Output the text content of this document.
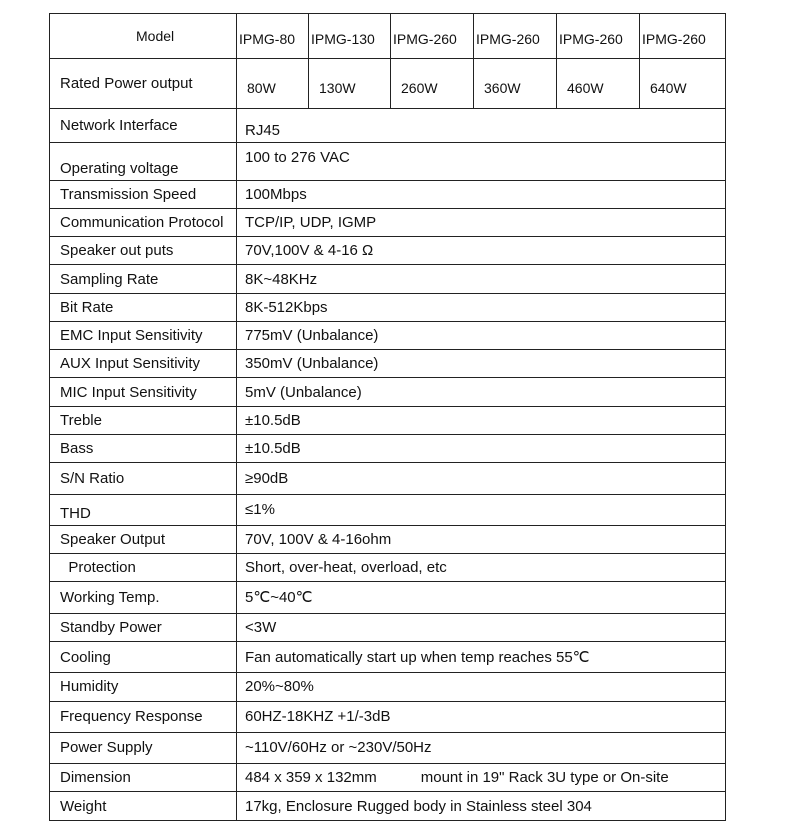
Model	IPMG-80	IPMG-130	IPMG-260	IPMG-260	IPMG-260	IPMG-260
Rated Power output	80W	130W	260W	360W	460W	640W
Network Interface	RJ45					
Operating voltage	100 to 276 VAC					
Transmission Speed	100Mbps					
Communication Protocol	TCP/IP, UDP, IGMP					
Speaker out puts	70V,100V & 4-16 Ω					
Sampling Rate	8K~48KHz					
Bit Rate	8K-512Kbps					
EMC Input Sensitivity	775mV (Unbalance)					
AUX Input Sensitivity	350mV (Unbalance)					
MIC Input Sensitivity	5mV (Unbalance)					
Treble	±10.5dB					
Bass	±10.5dB					
S/N Ratio	≥90dB					
THD	≤1%					
Speaker Output	70V, 100V & 4-16ohm					
Protection	Short, over-heat, overload, etc					
Working Temp.	5℃~40℃					
Standby Power	<3W					
Cooling	Fan automatically start up when temp reaches 55℃					
Humidity	20%~80%					
Frequency Response	60HZ-18KHZ +1/-3dB					
Power Supply	~110V/60Hz or ~230V/50Hz					
Dimension	484 x 359 x 132mm mount in 19" Rack 3U type or On-site					
Weight	17kg, Enclosure Rugged body in Stainless steel 304					
